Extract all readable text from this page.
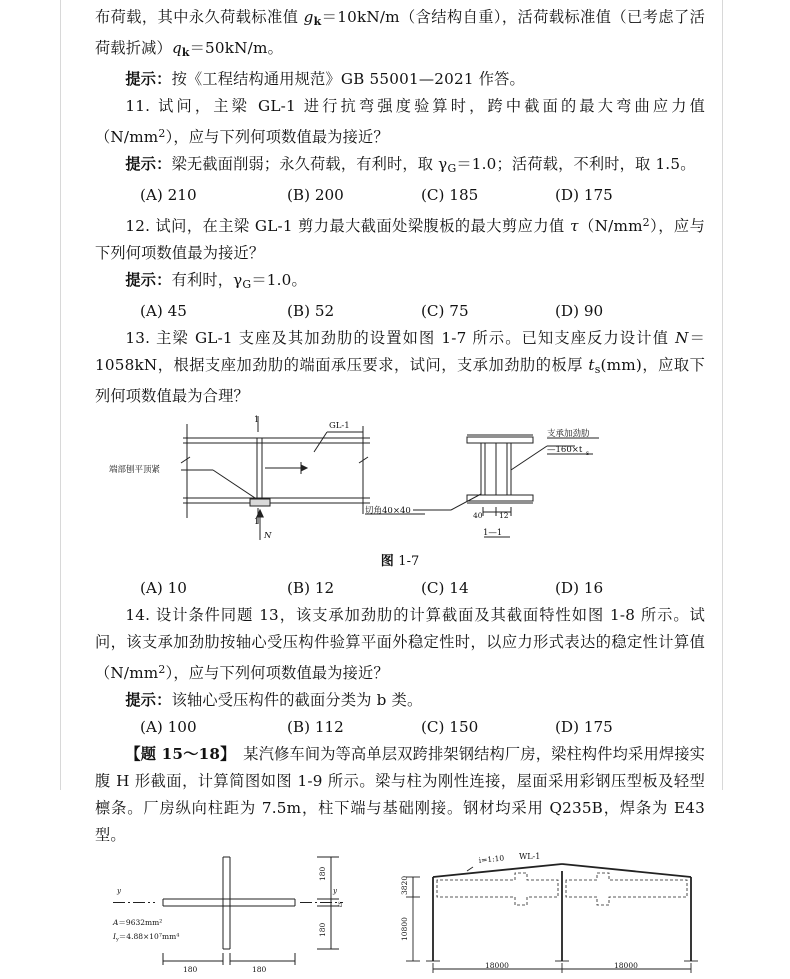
布荷载，其中永久荷载标准值 $g_k=10kN/m$（含结构自重），活荷载标准值（已考虑了活荷载折减）$q_k=50kN/m$。

提示：按《工程结构通用规范》GB 55001—2021 作答。

11. 试问，主梁 GL-1 进行抗弯强度验算时，跨中截面的最大弯曲应力值$(N/mm^2)$，应与下列何项数值最为接近？

提示：梁无截面削弱；永久荷载，有利时，取 $\gamma_G=1.0$；活荷载，不利时，取 1.5。

(A) 210	(B) 200	(C) 185	(D) 175

12. 试问，在主梁 GL-1 剪力最大截面处梁腹板的最大剪应力值 $\tau(N/mm^2)$，应与下列何项数值最为接近？

提示：有利时，$\gamma_G=1.0$。

(A) 45	(B) 52	(C) 75	(D) 90

13. 主梁 GL-1 支座及其加劲肋的设置如图 1-7 所示。已知支座反力设计值 N＝1058kN，根据支座加劲肋的端面承压要求，试问，支承加劲肋的板厚 $t_s(mm)$，应取下列何项数值最为合理？

端部刨平顶紧
GL-1
1
1
N
支承加劲肋
—160×t s
切角40×40	40 12
1—1
图 1-7
(A) 10	(B) 12	(C) 14	(D) 16

14. 设计条件同题 13，该支承加劲肋的计算截面及其截面特性如图 1-8 所示。试问，该支承加劲肋按轴心受压构件验算平面外稳定性时，以应力形式表达的稳定性计算值$(N/mm^2)$，应与下列何项数值最为接近？

提示：该轴心受压构件的截面分类为 b 类。

(A) 100	(B) 112	(C) 150	(D) 175

【题 15～18】　某汽修车间为等高单层双跨排架钢结构厂房，梁柱构件均采用焊接实腹 H 形截面，计算简图如图 1-9 所示。梁与柱为刚性连接，屋面采用彩钢压型板及轻型檩条。厂房纵向柱距为 7.5m，柱下端与基础刚接。钢材均采用 Q235B，焊条为 E43 型。

y	y
A＝9632mm²
$I_y=4.88\times 10^7mm^4$
180	180
180
180
ts
i=1:10 WL-1
3820
10800
18000	18000
